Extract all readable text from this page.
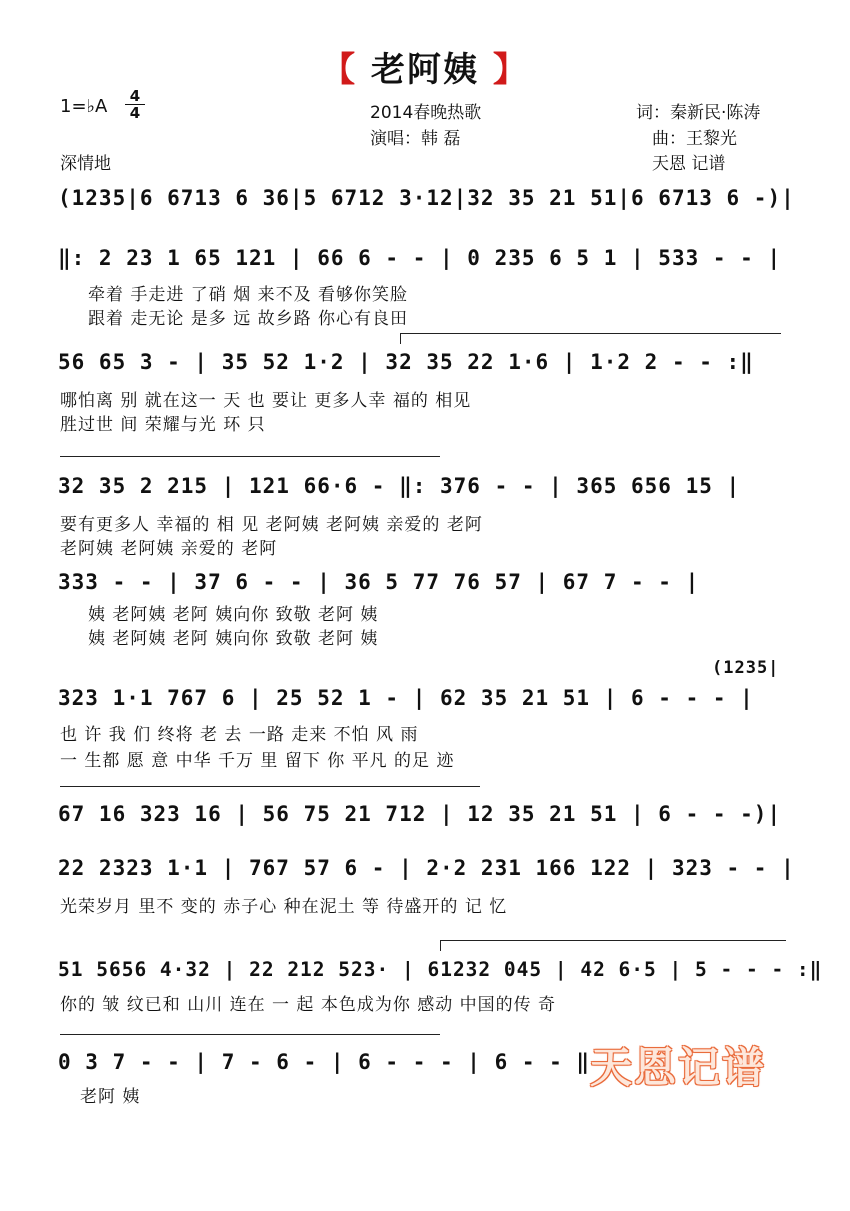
【 老阿姨 】
1=♭A	4
4	2014春晚热歌
演唱：韩 磊
词：秦新民·陈涛
曲：王黎光
天恩 记谱
深情地
(1235|6 6713 6 36|5 6712 3·12|32 35 21 51|6 6713 6 -)|
‖: 2 23 1 65 121 | 66 6 - - | 0 235 6 5 1 | 533 - - |
牵着 手走进 了硝 烟 来不及 看够你笑脸
跟着 走无论 是多 远 故乡路 你心有良田
56 65 3 - | 35 52 1·2 | 32 35 22 1·6 | 1·2 2 - - :‖
哪怕离 别 就在这一 天 也 要让 更多人幸 福的 相见
胜过世 间 荣耀与光 环 只
32 35 2 215 | 121 66·6 - ‖: 376 - - | 365 656 15 |
要有更多人 幸福的 相 见 老阿姨 老阿姨 亲爱的 老阿
老阿姨 老阿姨 亲爱的 老阿
333 - - | 37 6 - - | 36 5 77 76 57 | 67 7 - - |
姨 老阿姨 老阿 姨向你 致敬 老阿 姨
姨 老阿姨 老阿 姨向你 致敬 老阿 姨
(1235|
323 1·1 767 6 | 25 52 1 - | 62 35 21 51 | 6 - - - |
也 许 我 们 终将 老 去 一路 走来 不怕 风 雨
一 生都 愿 意 中华 千万 里 留下 你 平凡 的足 迹
67 16 323 16 | 56 75 21 712 | 12 35 21 51 | 6 - - -)|
22 2323 1·1 | 767 57 6 - | 2·2 231 166 122 | 323 - - |
光荣岁月 里不 变的 赤子心 种在泥土 等 待盛开的 记 忆
51 5656 4·32 | 22 212 523· | 61232 045 | 42 6·5 | 5 - - - :‖
你的 皱 纹已和 山川 连在 一 起 本色成为你 感动 中国的传 奇
0 3 7 - - | 7 - 6 - | 6 - - - | 6 - - ‖
老阿 姨
天恩记谱
